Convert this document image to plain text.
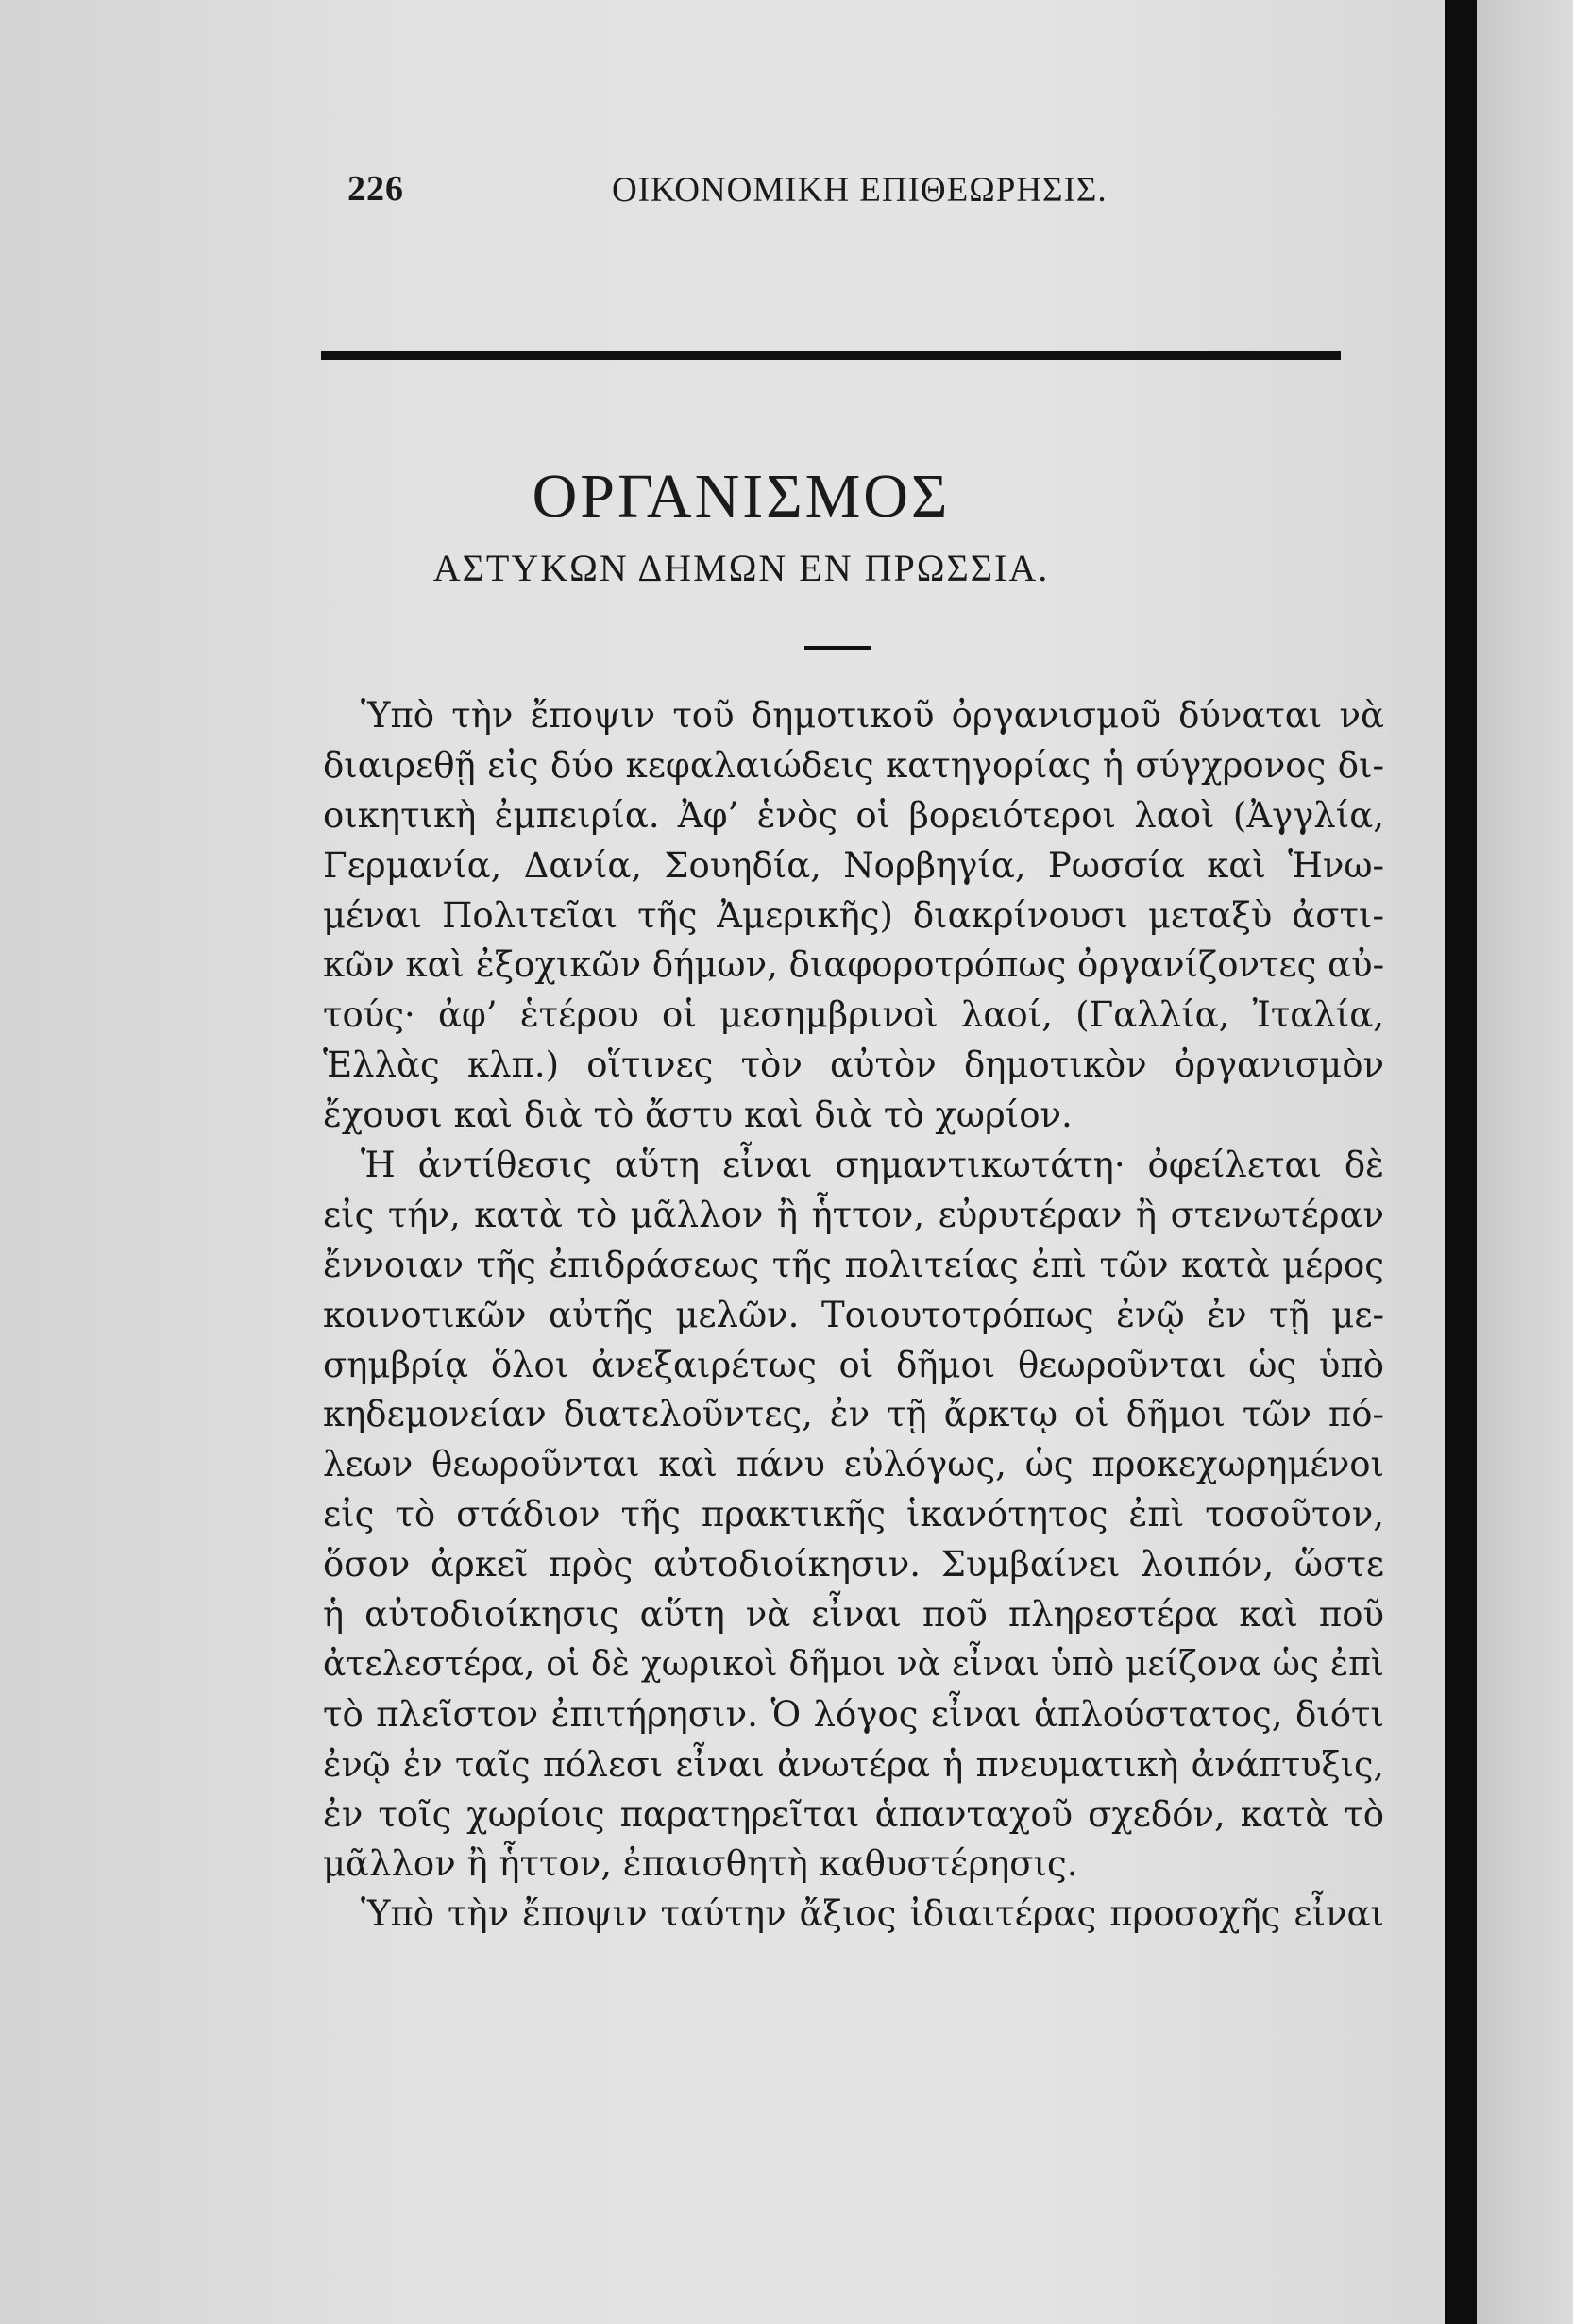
226	ΟΙΚΟΝΟΜΙΚΗ ΕΠΙΘΕΩΡΗΣΙΣ.
ΟΡΓΑΝΙΣΜΟΣ
ΑΣΤΥΚΩΝ ΔΗΜΩΝ ΕΝ ΠΡΩΣΣΙΑ.
Ὑπὸ τὴν ἔποψιν τοῦ δημοτικοῦ ὀργανισμοῦ δύναται νὰ
διαιρεθῇ εἰς δύο κεφαλαιώδεις κατηγορίας ἡ σύγχρονος δι-
οικητικὴ ἐμπειρία. Ἀφ’ ἑνὸς οἱ βορειότεροι λαοὶ (Ἀγγλία,
Γερμανία, Δανία, Σουηδία, Νορβηγία, Ρωσσία καὶ Ἡνω-
μέναι Πολιτεῖαι τῆς Ἀμερικῆς) διακρίνουσι μεταξὺ ἀστι-
κῶν καὶ ἐξοχικῶν δήμων, διαφοροτρόπως ὀργανίζοντες αὐ-
τούς· ἀφ’ ἑτέρου οἱ μεσημβρινοὶ λαοί, (Γαλλία, Ἰταλία,
Ἑλλὰς κλπ.) οἵτινες τὸν αὐτὸν δημοτικὸν ὀργανισμὸν
ἔχουσι καὶ διὰ τὸ ἄστυ καὶ διὰ τὸ χωρίον.
Ἡ ἀντίθεσις αὕτη εἶναι σημαντικωτάτη· ὀφείλεται δὲ
εἰς τήν, κατὰ τὸ μᾶλλον ἢ ἧττον, εὐρυτέραν ἢ στενωτέραν
ἔννοιαν τῆς ἐπιδράσεως τῆς πολιτείας ἐπὶ τῶν κατὰ μέρος
κοινοτικῶν αὐτῆς μελῶν. Τοιουτοτρόπως ἐνῷ ἐν τῇ με-
σημβρίᾳ ὅλοι ἀνεξαιρέτως οἱ δῆμοι θεωροῦνται ὡς ὑπὸ
κηδεμονείαν διατελοῦντες, ἐν τῇ ἄρκτῳ οἱ δῆμοι τῶν πό-
λεων θεωροῦνται καὶ πάνυ εὐλόγως, ὡς προκεχωρημένοι
εἰς τὸ στάδιον τῆς πρακτικῆς ἱκανότητος ἐπὶ τοσοῦτον,
ὅσον ἀρκεῖ πρὸς αὐτοδιοίκησιν. Συμβαίνει λοιπόν, ὥστε
ἡ αὐτοδιοίκησις αὕτη νὰ εἶναι ποῦ πληρεστέρα καὶ ποῦ
ἀτελεστέρα, οἱ δὲ χωρικοὶ δῆμοι νὰ εἶναι ὑπὸ μείζονα ὡς ἐπὶ
τὸ πλεῖστον ἐπιτήρησιν. Ὁ λόγος εἶναι ἁπλούστατος, διότι
ἐνῷ ἐν ταῖς πόλεσι εἶναι ἀνωτέρα ἡ πνευματικὴ ἀνάπτυξις,
ἐν τοῖς χωρίοις παρατηρεῖται ἁπανταχοῦ σχεδόν, κατὰ τὸ
μᾶλλον ἢ ἧττον, ἐπαισθητὴ καθυστέρησις.
Ὑπὸ τὴν ἔποψιν ταύτην ἄξιος ἰδιαιτέρας προσοχῆς εἶναι
